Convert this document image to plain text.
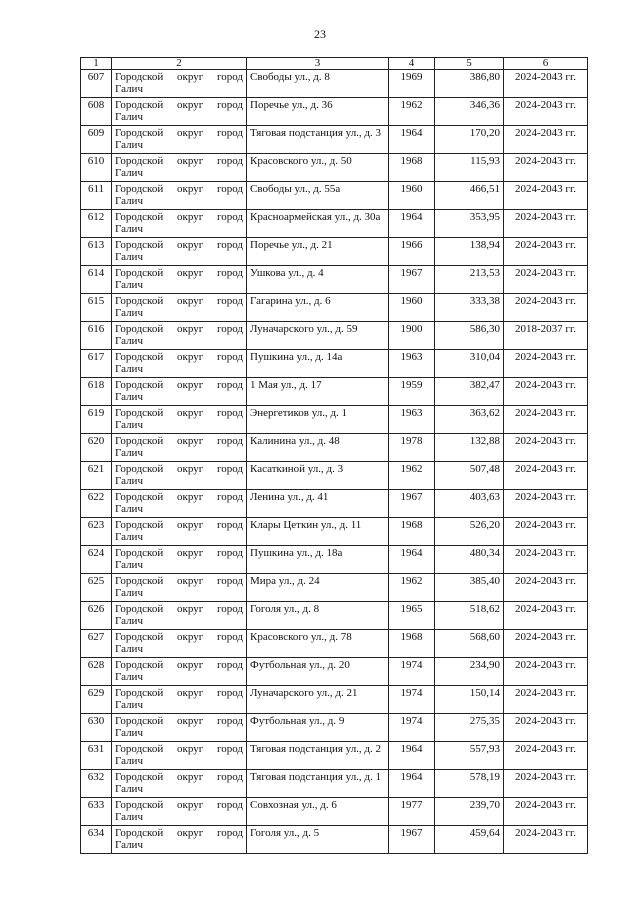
23
1	2	3	4	5	6
607	Городской округ город Галич	Свободы ул., д. 8	1969	386,80	2024-2043 гг.
608	Городской округ город Галич	Поречье ул., д. 36	1962	346,36	2024-2043 гг.
609	Городской округ город Галич	Тяговая подстанция ул., д. 3	1964	170,20	2024-2043 гг.
610	Городской округ город Галич	Красовского ул., д. 50	1968	115,93	2024-2043 гг.
611	Городской округ город Галич	Свободы ул., д. 55а	1960	466,51	2024-2043 гг.
612	Городской округ город Галич	Красноармейская ул., д. 30а	1964	353,95	2024-2043 гг.
613	Городской округ город Галич	Поречье ул., д. 21	1966	138,94	2024-2043 гг.
614	Городской округ город Галич	Ушкова ул., д. 4	1967	213,53	2024-2043 гг.
615	Городской округ город Галич	Гагарина ул., д. 6	1960	333,38	2024-2043 гг.
616	Городской округ город Галич	Луначарского ул., д. 59	1900	586,30	2018-2037 гг.
617	Городской округ город Галич	Пушкина ул., д. 14а	1963	310,04	2024-2043 гг.
618	Городской округ город Галич	1 Мая ул., д. 17	1959	382,47	2024-2043 гг.
619	Городской округ город Галич	Энергетиков ул., д. 1	1963	363,62	2024-2043 гг.
620	Городской округ город Галич	Калинина ул., д. 48	1978	132,88	2024-2043 гг.
621	Городской округ город Галич	Касаткиной ул., д. 3	1962	507,48	2024-2043 гг.
622	Городской округ город Галич	Ленина ул., д. 41	1967	403,63	2024-2043 гг.
623	Городской округ город Галич	Клары Цеткин ул., д. 11	1968	526,20	2024-2043 гг.
624	Городской округ город Галич	Пушкина ул., д. 18а	1964	480,34	2024-2043 гг.
625	Городской округ город Галич	Мира ул., д. 24	1962	385,40	2024-2043 гг.
626	Городской округ город Галич	Гоголя ул., д. 8	1965	518,62	2024-2043 гг.
627	Городской округ город Галич	Красовского ул., д. 78	1968	568,60	2024-2043 гг.
628	Городской округ город Галич	Футбольная ул., д. 20	1974	234,90	2024-2043 гг.
629	Городской округ город Галич	Луначарского ул., д. 21	1974	150,14	2024-2043 гг.
630	Городской округ город Галич	Футбольная ул., д. 9	1974	275,35	2024-2043 гг.
631	Городской округ город Галич	Тяговая подстанция ул., д. 2	1964	557,93	2024-2043 гг.
632	Городской округ город Галич	Тяговая подстанция ул., д. 1	1964	578,19	2024-2043 гг.
633	Городской округ город Галич	Совхозная ул., д. 6	1977	239,70	2024-2043 гг.
634	Городской округ город Галич	Гоголя ул., д. 5	1967	459,64	2024-2043 гг.
